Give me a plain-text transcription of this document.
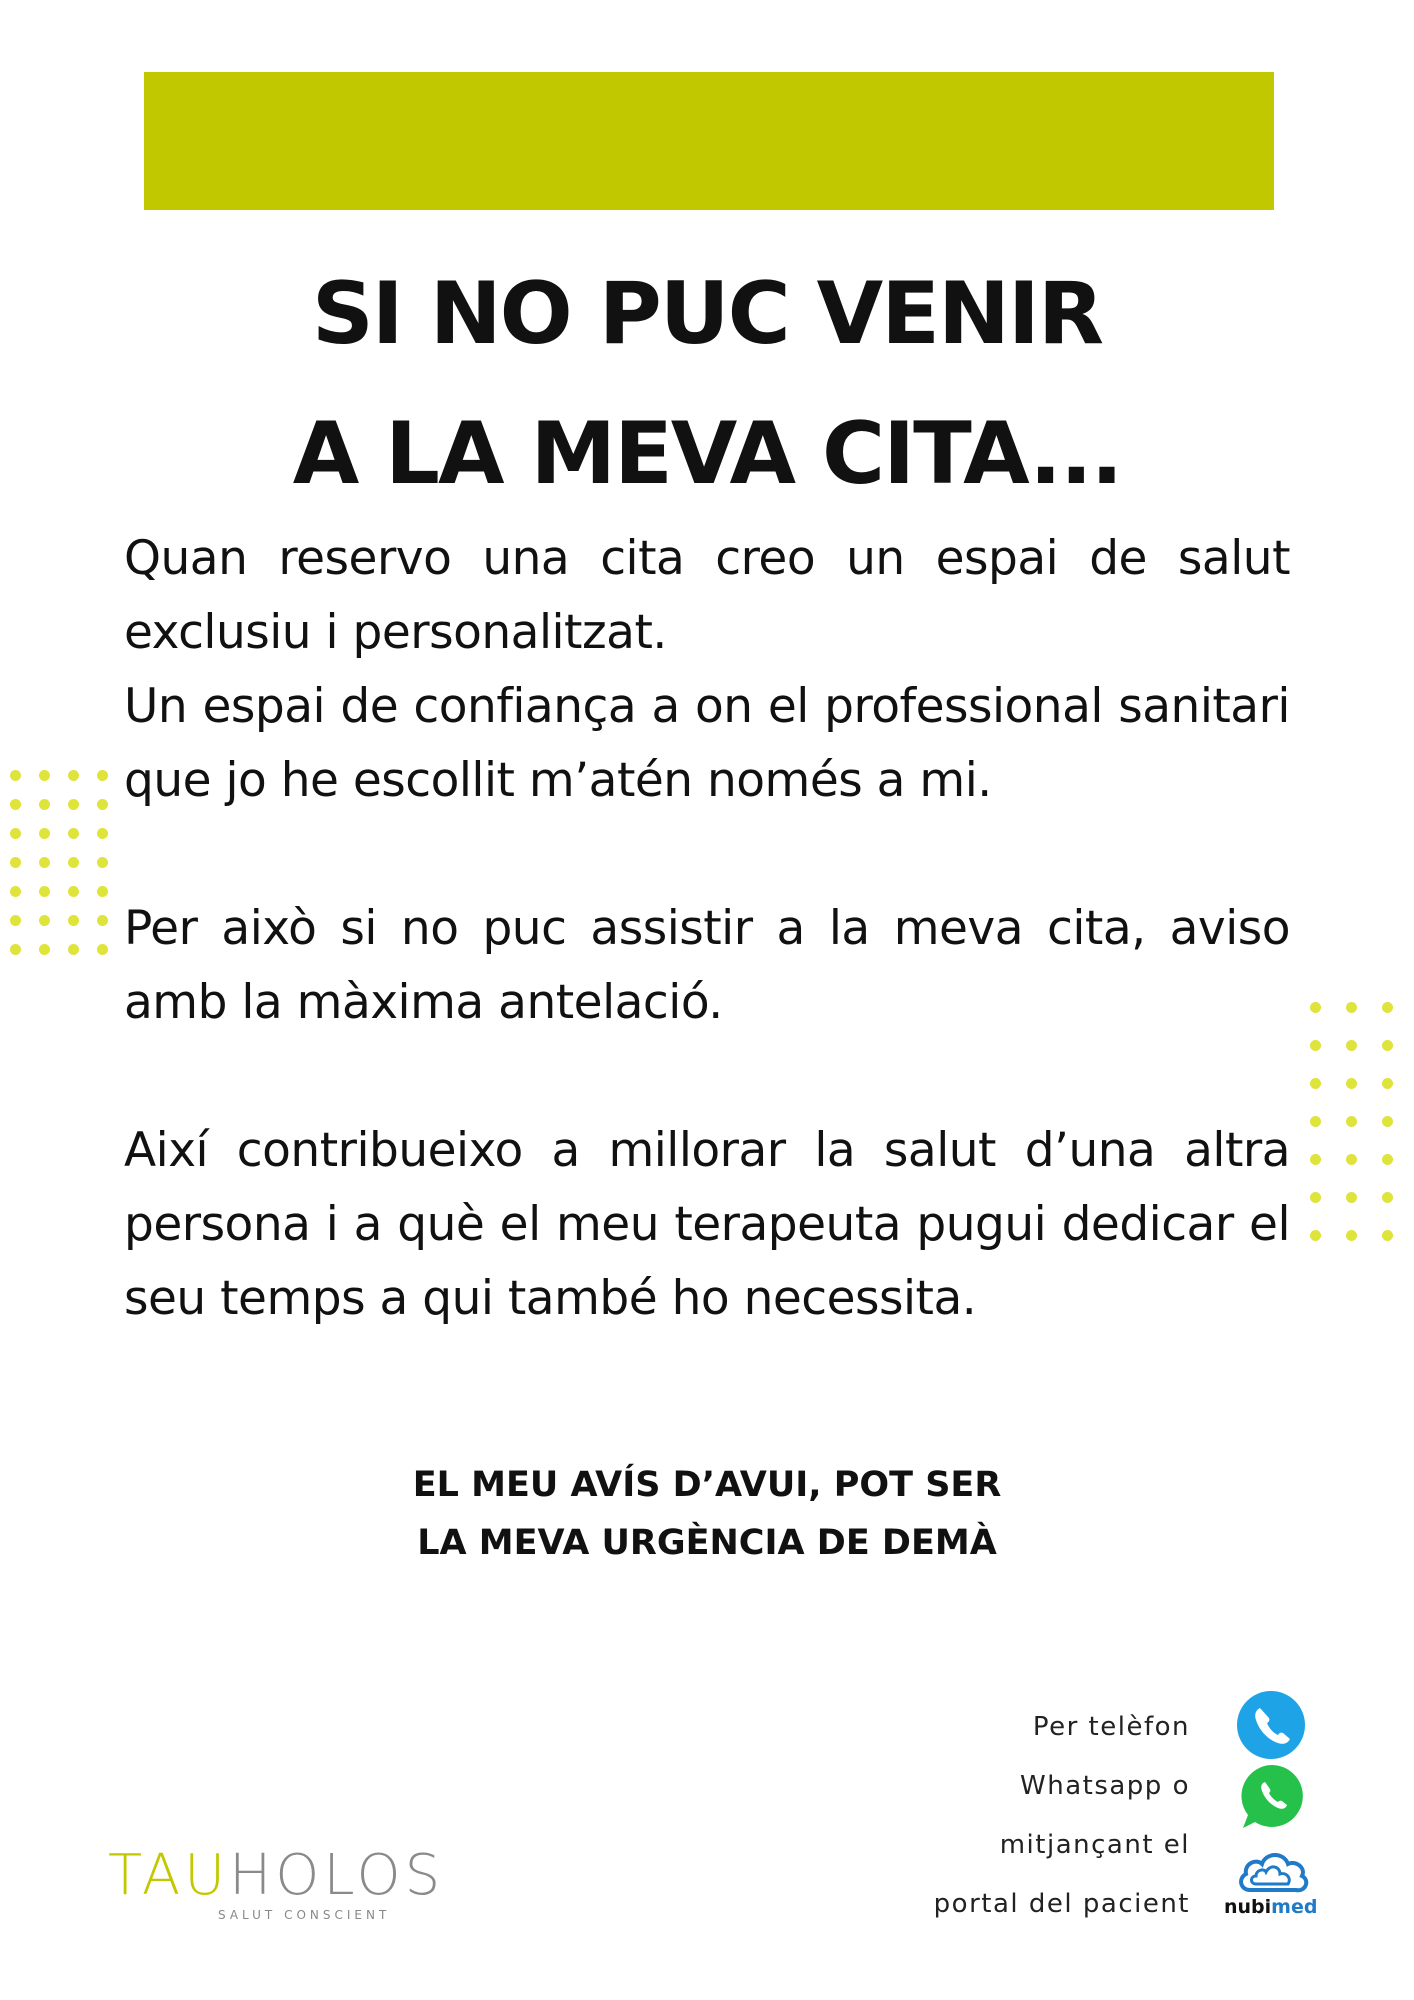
SI NO PUC VENIR
A LA MEVA CITA...

Quan reservo una cita creo un espai de salut exclusiu i personalitzat.

Un espai de confiança a on el professional sanitari que jo he escollit m’atén només a mi.

Per això si no puc assistir a la meva cita, aviso amb la màxima antelació.

Així contribueixo a millorar la salut d’una altra persona i a què el meu terapeuta pugui dedicar el seu temps a qui també ho necessita.

EL MEU AVÍS D’AVUI, POT SER
LA MEVA URGÈNCIA DE DEMÀ
Per telèfon
Whatsapp o
mitjançant el
portal del pacient nubimed
TAUHOLOS
SALUT CONSCIENT
